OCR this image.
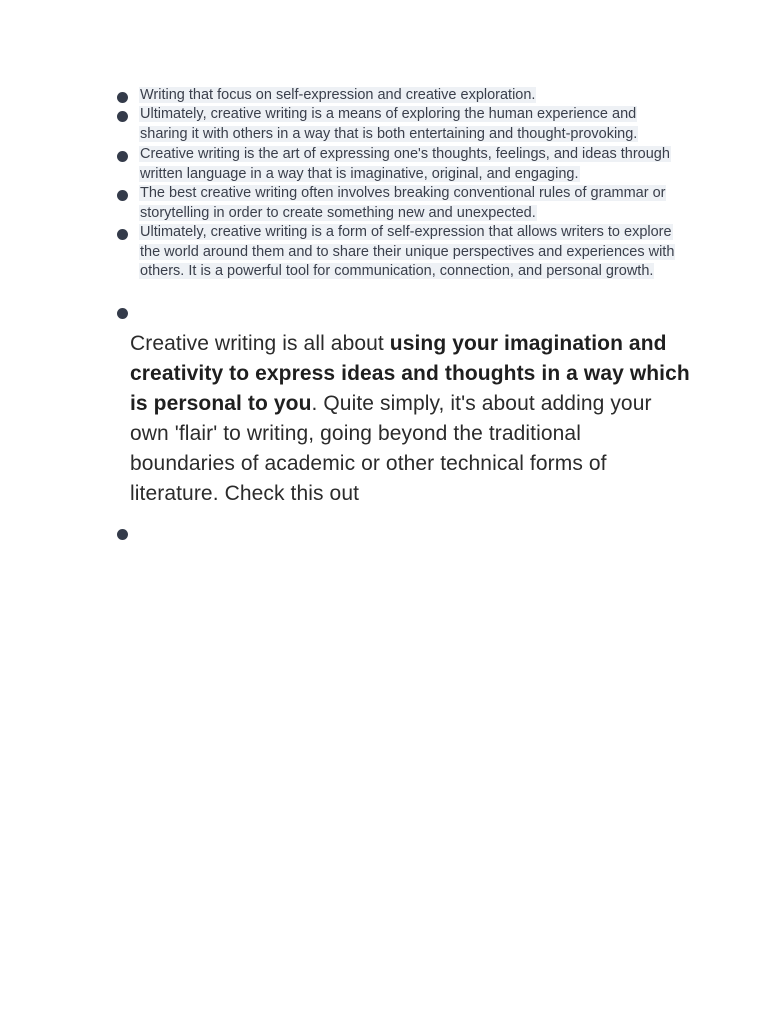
Writing that focus on self-expression and creative exploration.
Ultimately, creative writing is a means of exploring the human experience and sharing it with others in a way that is both entertaining and thought-provoking.
Creative writing is the art of expressing one's thoughts, feelings, and ideas through written language in a way that is imaginative, original, and engaging.
The best creative writing often involves breaking conventional rules of grammar or storytelling in order to create something new and unexpected.
Ultimately, creative writing is a form of self-expression that allows writers to explore the world around them and to share their unique perspectives and experiences with others. It is a powerful tool for communication, connection, and personal growth.
Creative writing is all about using your imagination and creativity to express ideas and thoughts in a way which is personal to you. Quite simply, it's about adding your own 'flair' to writing, going beyond the traditional boundaries of academic or other technical forms of literature. Check this out
